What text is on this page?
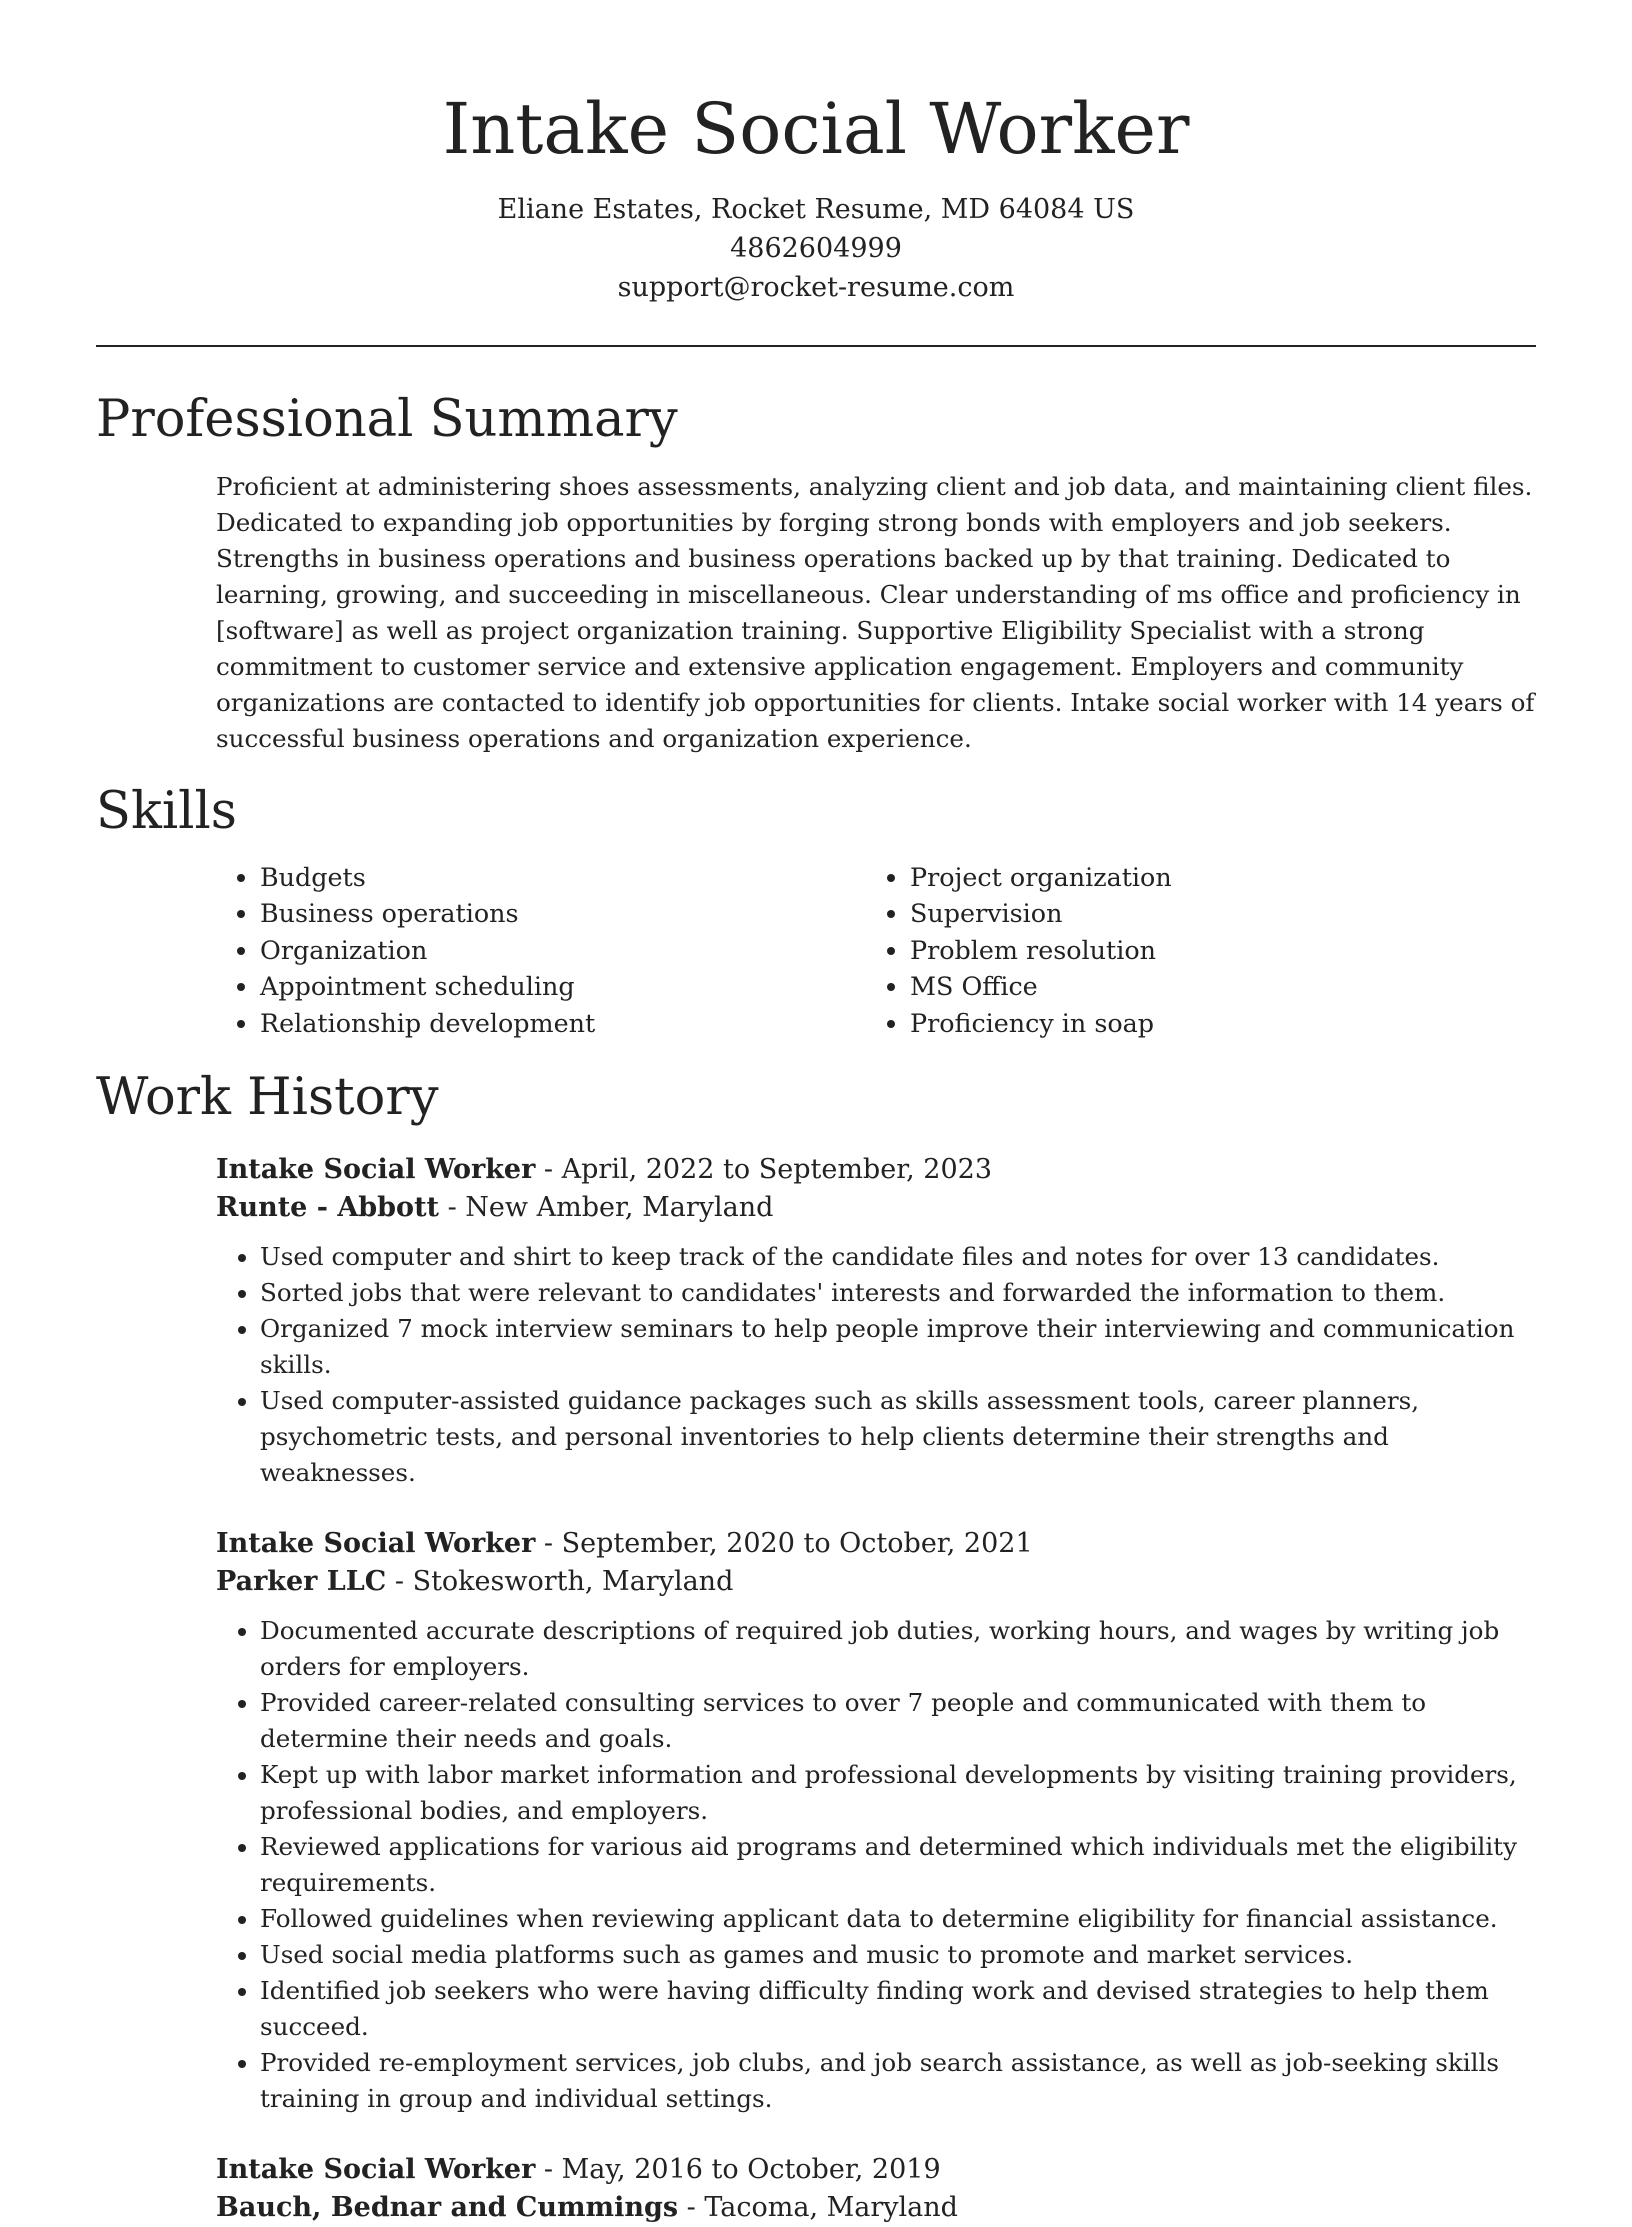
Intake Social Worker
Eliane Estates, Rocket Resume, MD 64084 US
4862604999
support@rocket-resume.com
Professional Summary
Proficient at administering shoes assessments, analyzing client and job data, and maintaining client files. Dedicated to expanding job opportunities by forging strong bonds with employers and job seekers. Strengths in business operations and business operations backed up by that training. Dedicated to learning, growing, and succeeding in miscellaneous. Clear understanding of ms office and proficiency in [software] as well as project organization training. Supportive Eligibility Specialist with a strong commitment to customer service and extensive application engagement. Employers and community organizations are contacted to identify job opportunities for clients. Intake social worker with 14 years of successful business operations and organization experience.
Skills
• Budgets
• Business operations
• Organization
• Appointment scheduling
• Relationship development
• Project organization
• Supervision
• Problem resolution
• MS Office
• Proficiency in soap
Work History
Intake Social Worker - April, 2022 to September, 2023
Runte - Abbott - New Amber, Maryland
• Used computer and shirt to keep track of the candidate files and notes for over 13 candidates.
• Sorted jobs that were relevant to candidates' interests and forwarded the information to them.
• Organized 7 mock interview seminars to help people improve their interviewing and communication skills.
• Used computer-assisted guidance packages such as skills assessment tools, career planners, psychometric tests, and personal inventories to help clients determine their strengths and weaknesses.
Intake Social Worker - September, 2020 to October, 2021
Parker LLC - Stokesworth, Maryland
• Documented accurate descriptions of required job duties, working hours, and wages by writing job orders for employers.
• Provided career-related consulting services to over 7 people and communicated with them to determine their needs and goals.
• Kept up with labor market information and professional developments by visiting training providers, professional bodies, and employers.
• Reviewed applications for various aid programs and determined which individuals met the eligibility requirements.
• Followed guidelines when reviewing applicant data to determine eligibility for financial assistance.
• Used social media platforms such as games and music to promote and market services.
• Identified job seekers who were having difficulty finding work and devised strategies to help them succeed.
• Provided re-employment services, job clubs, and job search assistance, as well as job-seeking skills training in group and individual settings.
Intake Social Worker - May, 2016 to October, 2019
Bauch, Bednar and Cummings - Tacoma, Maryland
